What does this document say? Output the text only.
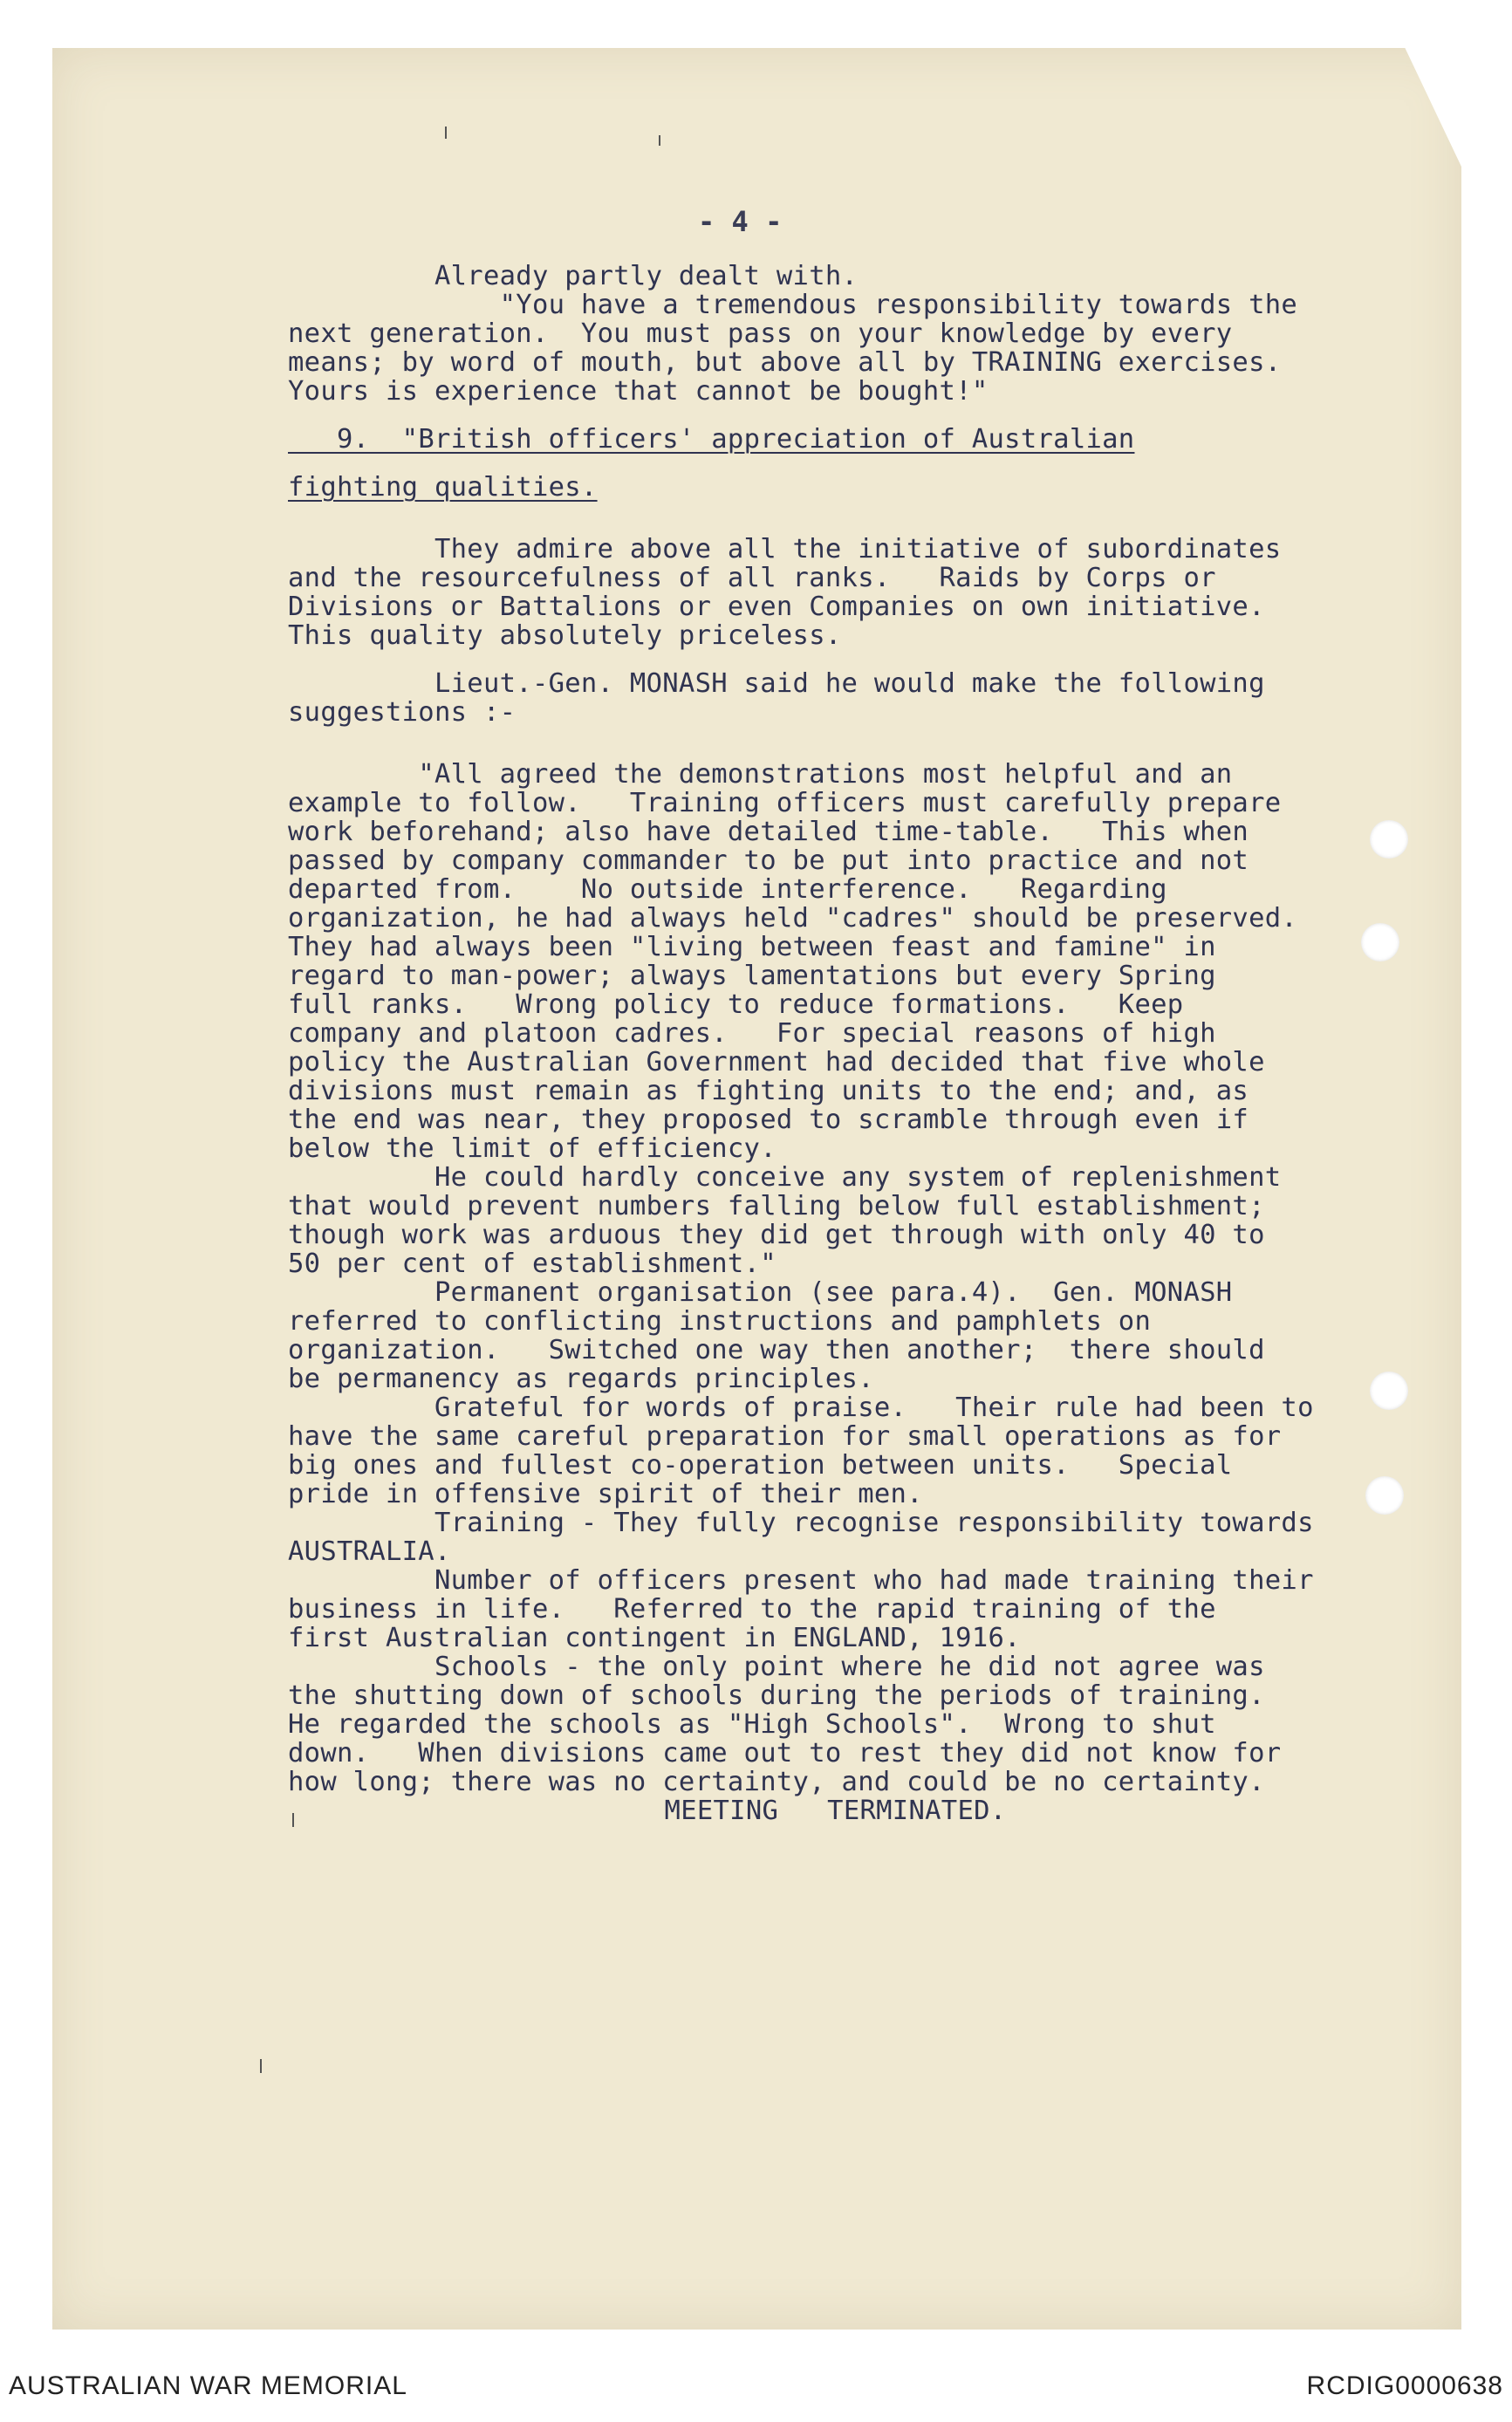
- 4 -

Already partly dealt with.

"You have a tremendous responsibility towards the
next generation.  You must pass on your knowledge by every
means; by word of mouth, but above all by TRAINING exercises.
Yours is experience that cannot be bought!"

9.  "British officers' appreciation of Australian

fighting qualities.

They admire above all the initiative of subordinates
and the resourcefulness of all ranks.   Raids by Corps or
Divisions or Battalions or even Companies on own initiative.
This quality absolutely priceless.

Lieut.-Gen. MONASH said he would make the following
suggestions :-

"All agreed the demonstrations most helpful and an
example to follow.   Training officers must carefully prepare
work beforehand; also have detailed time-table.   This when
passed by company commander to be put into practice and not
departed from.    No outside interference.   Regarding
organization, he had always held "cadres" should be preserved.
They had always been "living between feast and famine" in
regard to man-power; always lamentations but every Spring
full ranks.   Wrong policy to reduce formations.   Keep
company and platoon cadres.   For special reasons of high
policy the Australian Government had decided that five whole
divisions must remain as fighting units to the end; and, as
the end was near, they proposed to scramble through even if
below the limit of efficiency.
He could hardly conceive any system of replenishment
that would prevent numbers falling below full establishment;
though work was arduous they did get through with only 40 to
50 per cent of establishment."
Permanent organisation (see para.4).  Gen. MONASH
referred to conflicting instructions and pamphlets on
organization.   Switched one way then another;  there should
be permanency as regards principles.
Grateful for words of praise.   Their rule had been to
have the same careful preparation for small operations as for
big ones and fullest co-operation between units.   Special
pride in offensive spirit of their men.
Training - They fully recognise responsibility towards
AUSTRALIA.
Number of officers present who had made training their
business in life.   Referred to the rapid training of the
first Australian contingent in ENGLAND, 1916.
Schools - the only point where he did not agree was
the shutting down of schools during the periods of training.
He regarded the schools as "High Schools".  Wrong to shut
down.   When divisions came out to rest they did not know for
how long; there was no certainty, and could be no certainty.

MEETING   TERMINATED.

AUSTRALIAN WAR MEMORIAL	RCDIG0000638
